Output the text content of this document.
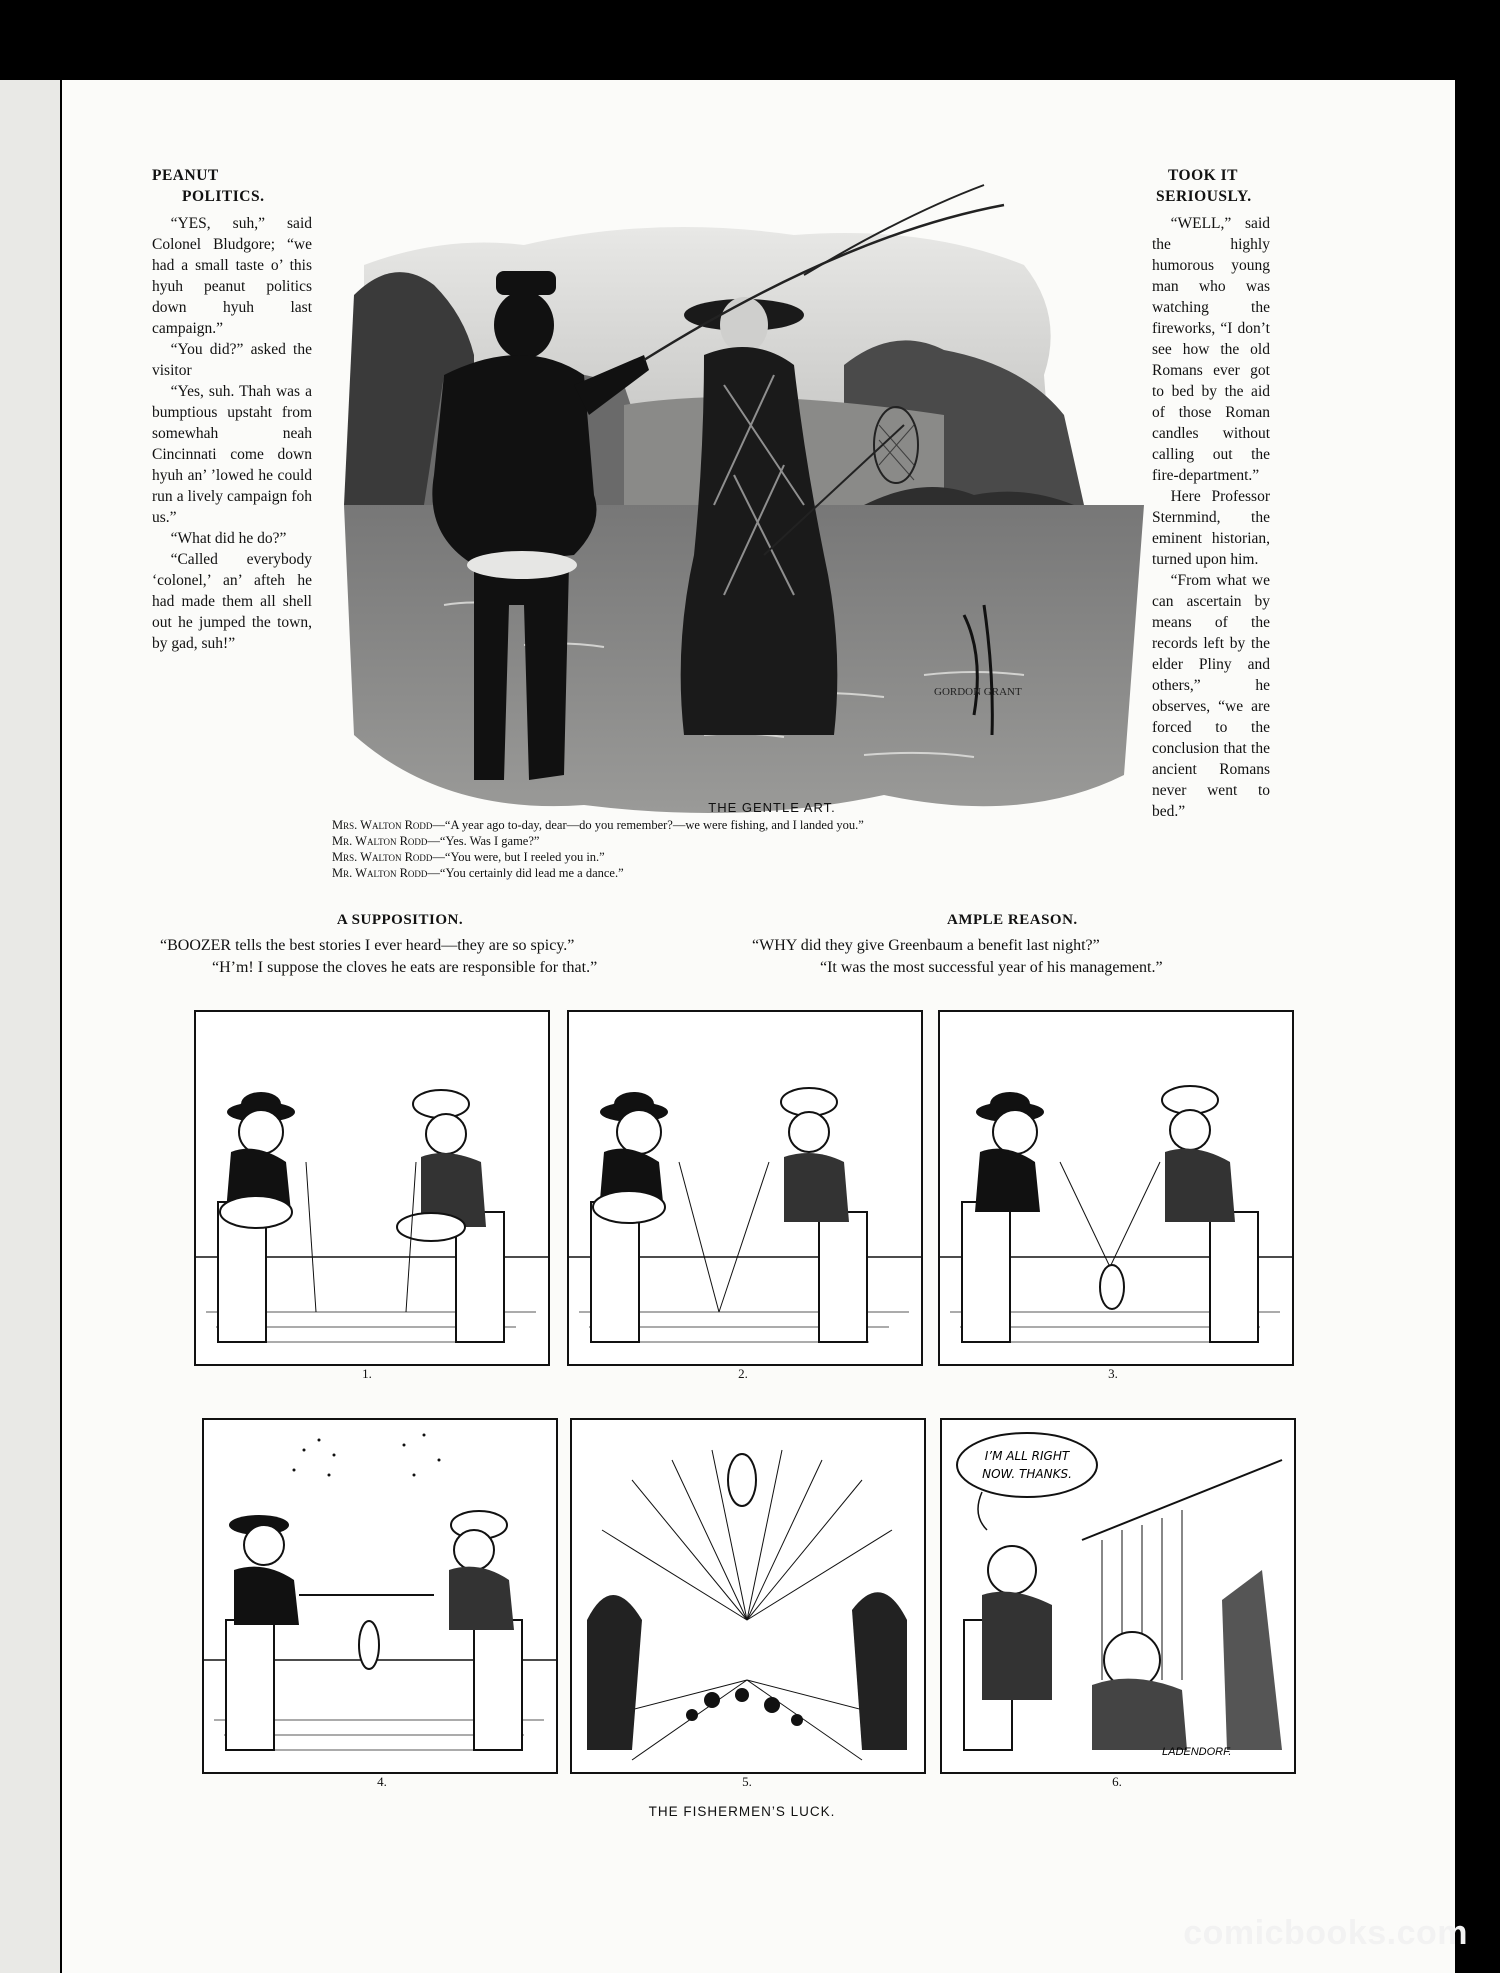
PEANUT
POLITICS.

“YES, suh,” said Colonel Bludgore; “we had a small taste o’ this hyuh peanut politics down hyuh last campaign.”

“You did?” asked the visitor

“Yes, suh. Thah was a bumptious upstaht from somewhah neah Cincinnati come down hyuh an’ ’lowed he could run a lively campaign foh us.”

“What did he do?”

“Called everybody ‘colonel,’ an’ afteh he had made them all shell out he jumped the town, by gad, suh!”

TOOK IT
SERIOUSLY.

“WELL,” said the highly humorous young man who was watching the fireworks, “I don’t see how the old Romans ever got to bed by the aid of those Roman candles without calling out the fire-department.”

Here Professor Sternmind, the eminent historian, turned upon him.

“From what we can ascertain by means of the records left by the elder Pliny and others,” he observes, “we are forced to the conclusion that the ancient Romans never went to bed.”

GORDON GRANT
THE GENTLE ART.
Mrs. Walton Rodd—“A year ago to-day, dear—do you remember?—we were fishing, and I landed you.”
Mr. Walton Rodd—“Yes. Was I game?”
Mrs. Walton Rodd—“You were, but I reeled you in.”
Mr. Walton Rodd—“You certainly did lead me a dance.”
A SUPPOSITION.
“BOOZER tells the best stories I ever heard—they are so spicy.”
“H’m! I suppose the cloves he eats are responsible for that.”
AMPLE REASON.
“WHY did they give Greenbaum a benefit last night?”
“It was the most successful year of his management.”
1.	2.	3.
4.	5.
I’M ALL RIGHT
NOW. THANKS.
LADENDORF.
6.
THE FISHERMEN’S LUCK.
comicbooks.com
